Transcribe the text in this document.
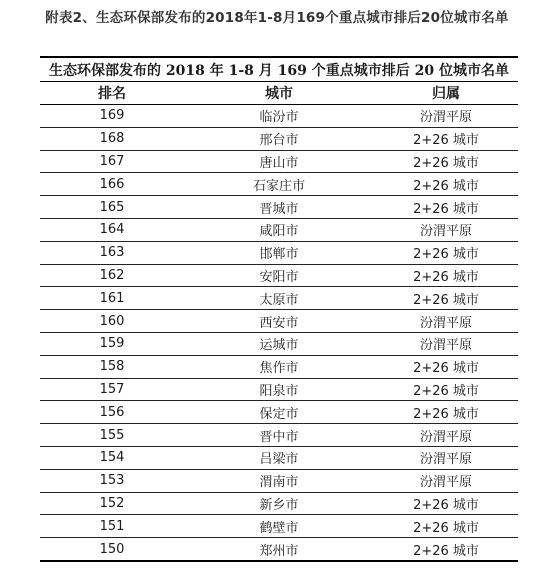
附表2、生态环保部发布的2018年1-8月169个重点城市排后20位城市名单
生态环保部发布的 2018 年 1-8 月 169 个重点城市排后 20 位城市名单		
排名	城市	归属
169	临汾市	汾渭平原
168	邢台市	2+26 城市
167	唐山市	2+26 城市
166	石家庄市	2+26 城市
165	晋城市	2+26 城市
164	咸阳市	汾渭平原
163	邯郸市	2+26 城市
162	安阳市	2+26 城市
161	太原市	2+26 城市
160	西安市	汾渭平原
159	运城市	汾渭平原
158	焦作市	2+26 城市
157	阳泉市	2+26 城市
156	保定市	2+26 城市
155	晋中市	汾渭平原
154	吕梁市	汾渭平原
153	渭南市	汾渭平原
152	新乡市	2+26 城市
151	鹤壁市	2+26 城市
150	郑州市	2+26 城市
